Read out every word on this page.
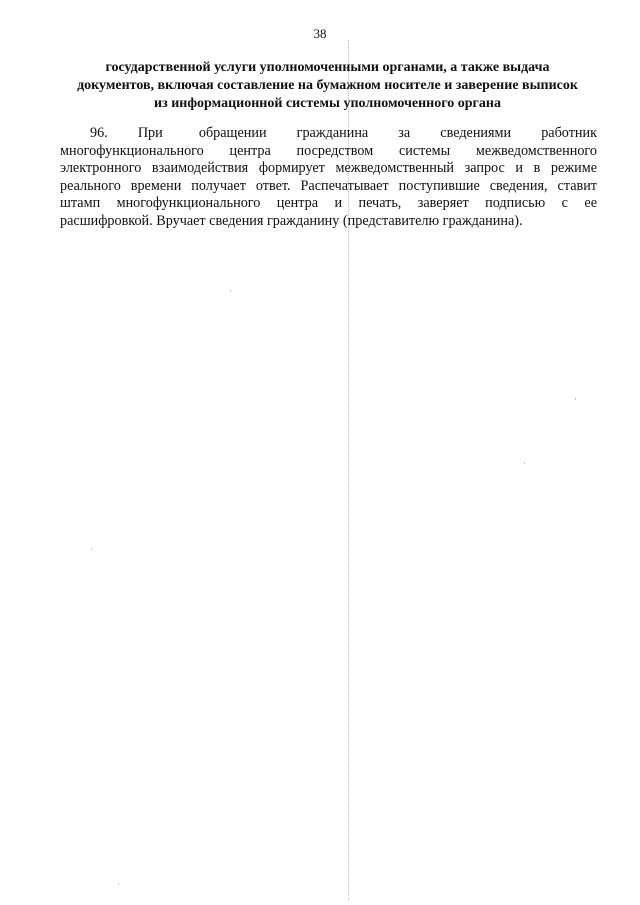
38
государственной услуги уполномоченными органами, а также выдача
документов, включая составление на бумажном носителе и заверение выписок
из информационной системы уполномоченного органа
96.     При      обращении     гражданина     за     сведениями     работник
многофункционального центра посредством системы межведомственного
электронного взаимодействия формирует межведомственный запрос и в режиме
реального времени получает ответ. Распечатывает поступившие сведения, ставит
штамп многофункционального центра и печать, заверяет подписью с ее
расшифровкой. Вручает сведения гражданину (представителю гражданина).
